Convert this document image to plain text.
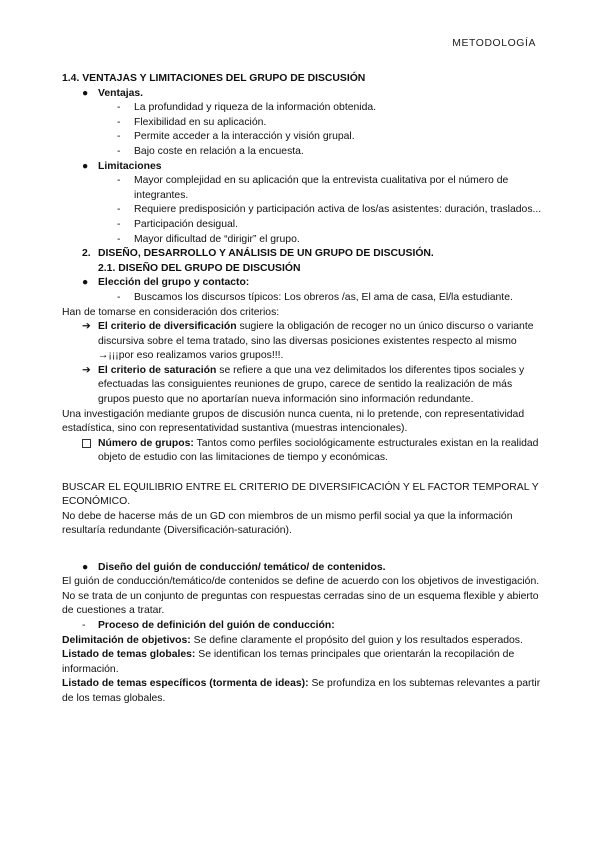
METODOLOGÍA
1.4. VENTAJAS Y LIMITACIONES DEL GRUPO DE DISCUSIÓN
● Ventajas.
- La profundidad y riqueza de la información obtenida.
- Flexibilidad en su aplicación.
- Permite acceder a la interacción y visión grupal.
- Bajo coste en relación a la encuesta.
● Limitaciones
- Mayor complejidad en su aplicación que la entrevista cualitativa por el número de integrantes.
- Requiere predisposición y participación activa de los/as asistentes: duración, traslados...
- Participación desigual.
- Mayor dificultad de “dirigir” el grupo.
2. DISEÑO, DESARROLLO Y ANÁLISIS DE UN GRUPO DE DISCUSIÓN.
2.1. DISEÑO DEL GRUPO DE DISCUSIÓN
● Elección del grupo y contacto:
- Buscamos los discursos típicos: Los obreros /as, El ama de casa, El/la estudiante.
Han de tomarse en consideración dos criterios:
➔ El criterio de diversificación sugiere la obligación de recoger no un único discurso o variante discursiva sobre el tema tratado, sino las diversas posiciones existentes respecto al mismo →¡¡¡por eso realizamos varios grupos!!!.
➔ El criterio de saturación se refiere a que una vez delimitados los diferentes tipos sociales y efectuadas las consiguientes reuniones de grupo, carece de sentido la realización de más grupos puesto que no aportarían nueva información sino información redundante.
Una investigación mediante grupos de discusión nunca cuenta, ni lo pretende, con representatividad estadística, sino con representatividad sustantiva (muestras intencionales).
Número de grupos: Tantos como perfiles sociológicamente estructurales existan en la realidad objeto de estudio con las limitaciones de tiempo y económicas.
BUSCAR EL EQUILIBRIO ENTRE EL CRITERIO DE DIVERSIFICACIÓN Y EL FACTOR TEMPORAL Y ECONÓMICO.
No debe de hacerse más de un GD con miembros de un mismo perfil social ya que la información resultaría redundante (Diversificación-saturación).
● Diseño del guión de conducción/ temático/ de contenidos.
El guión de conducción/temático/de contenidos se define de acuerdo con los objetivos de investigación.
No se trata de un conjunto de preguntas con respuestas cerradas sino de un esquema flexible y abierto de cuestiones a tratar.
- Proceso de definición del guión de conducción:
Delimitación de objetivos: Se define claramente el propósito del guion y los resultados esperados.
Listado de temas globales: Se identifican los temas principales que orientarán la recopilación de información.
Listado de temas específicos (tormenta de ideas): Se profundiza en los subtemas relevantes a partir de los temas globales.
